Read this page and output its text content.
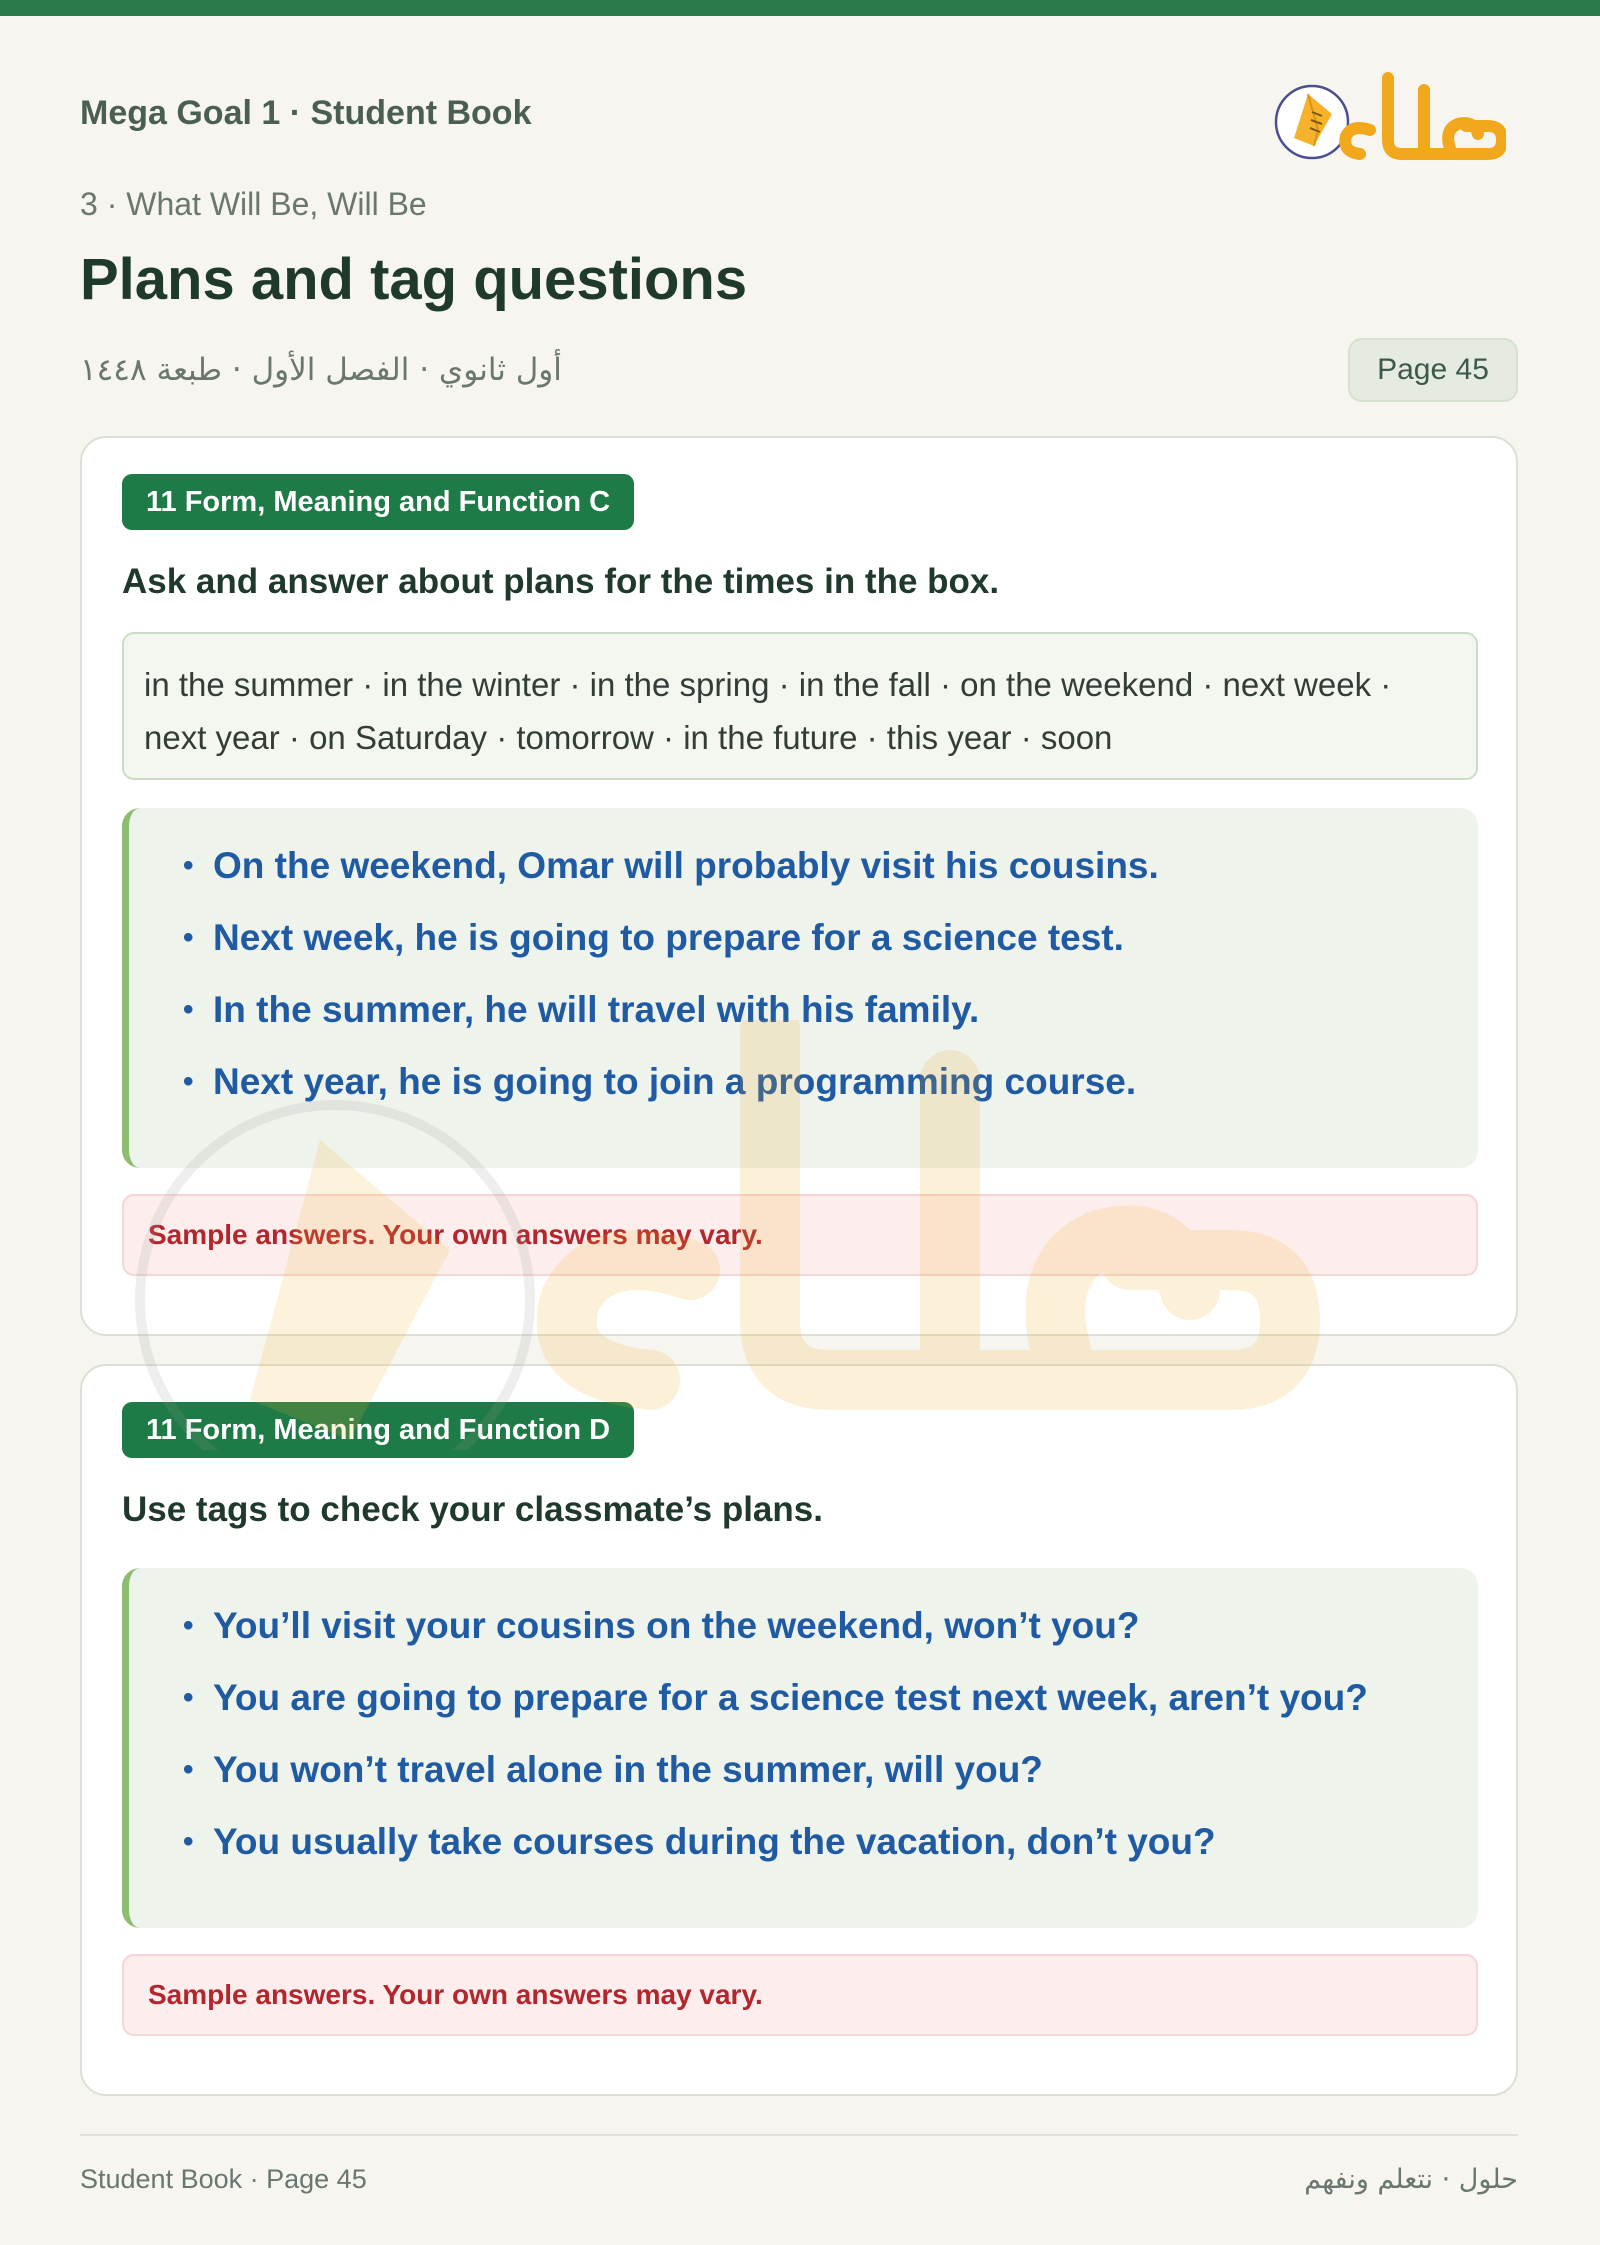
Mega Goal 1 · Student Book
3 · What Will Be, Will Be
Plans and tag questions
أول ثانوي · الفصل الأول · طبعة ١٤٤٨	Page 45
11 Form, Meaning and Function C
Ask and answer about plans for the times in the box.
in the summer · in the winter · in the spring · in the fall · on the weekend · next week · next year · on Saturday · tomorrow · in the future · this year · soon
• On the weekend, Omar will probably visit his cousins.
• Next week, he is going to prepare for a science test.
• In the summer, he will travel with his family.
• Next year, he is going to join a programming course.
Sample answers. Your own answers may vary.
11 Form, Meaning and Function D
Use tags to check your classmate’s plans.
• You’ll visit your cousins on the weekend, won’t you?
• You are going to prepare for a science test next week, aren’t you?
• You won’t travel alone in the summer, will you?
• You usually take courses during the vacation, don’t you?
Sample answers. Your own answers may vary.
Student Book · Page 45	حلول · نتعلم ونفهم
